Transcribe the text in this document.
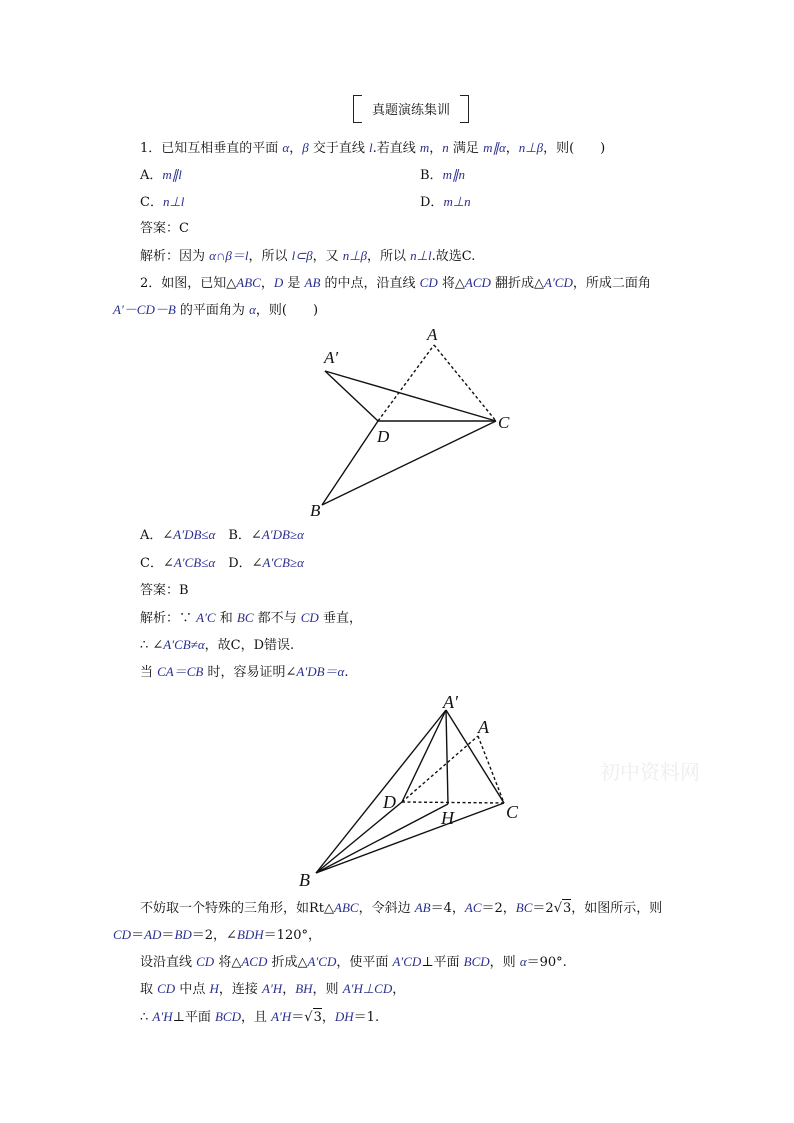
真题演练集训
1．已知互相垂直的平面 α，β 交于直线 l.若直线 m，n 满足 m∥α，n⊥β，则(　　)
A．m∥l	B．m∥n
C．n⊥l	D．m⊥n
答案：C
解析：因为 α∩β＝l，所以 l⊂β，又 n⊥β，所以 n⊥l.故选C.
2．如图，已知△ABC，D 是 AB 的中点，沿直线 CD 将△ACD 翻折成△A′CD，所成二面角
A′－CD－B 的平面角为 α，则(　　)
A′
A
D
C
B
A．∠A′DB≤α　 B．∠A′DB≥α
C．∠A′CB≤α　 D．∠A′CB≥α
答案：B
解析：∵ A′C 和 BC 都不与 CD 垂直，
∴ ∠A′CB≠α，故C，D错误.
当 CA＝CB 时，容易证明∠A′DB＝α.
A′
A
D
H	C
B
初中资料网
不妨取一个特殊的三角形，如Rt△ABC，令斜边 AB＝4，AC＝2，BC＝2√3，如图所示，则
CD＝AD＝BD＝2，∠BDH＝120°，
设沿直线 CD 将△ACD 折成△A′CD，使平面 A′CD⊥平面 BCD，则 α＝90°.
取 CD 中点 H，连接 A′H，BH，则 A′H⊥CD，
∴ A′H⊥平面 BCD，且 A′H＝√3，DH＝1.
